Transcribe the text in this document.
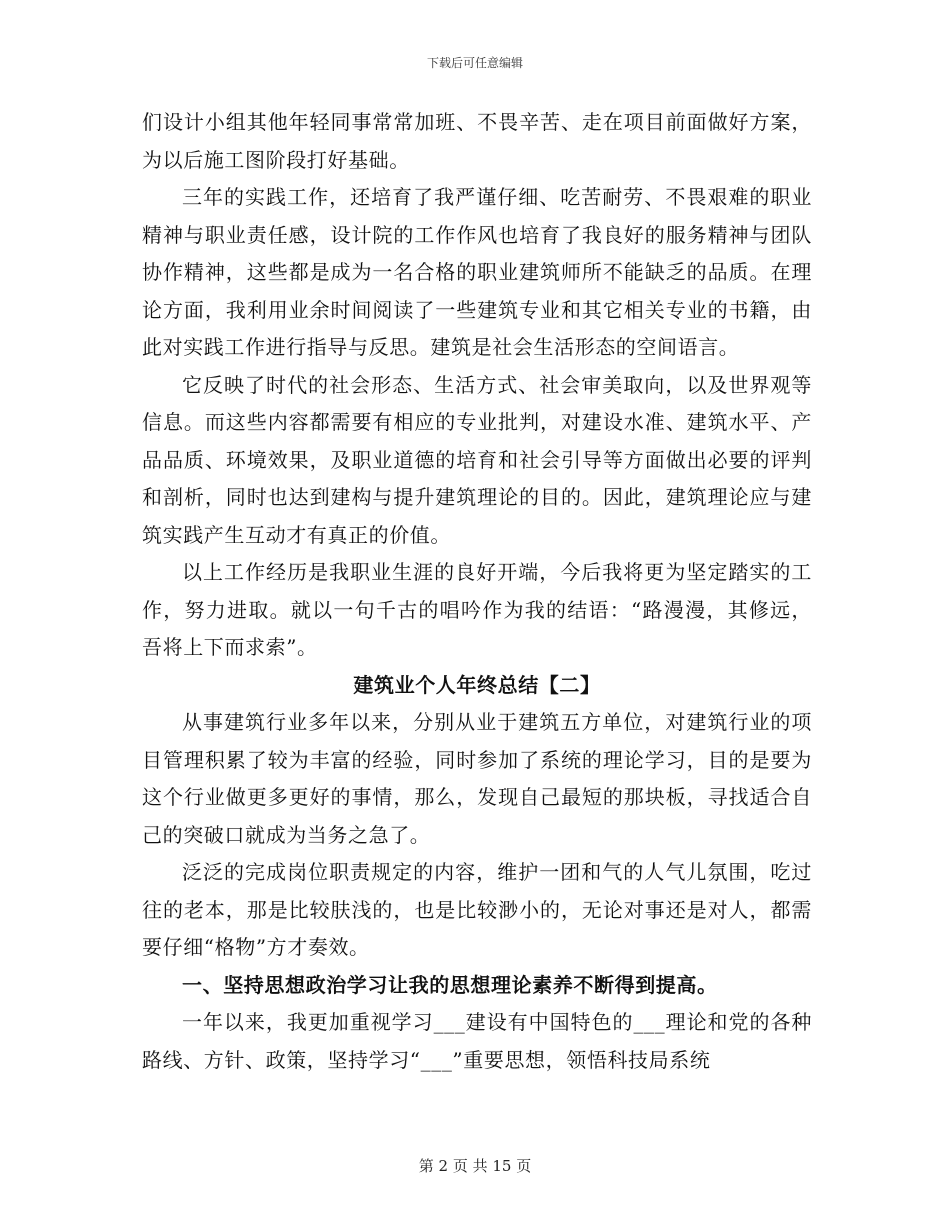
下载后可任意编辑

们设计小组其他年轻同事常常加班、不畏辛苦、走在项目前面做好方案，为以后施工图阶段打好基础。

三年的实践工作，还培育了我严谨仔细、吃苦耐劳、不畏艰难的职业精神与职业责任感，设计院的工作作风也培育了我良好的服务精神与团队协作精神，这些都是成为一名合格的职业建筑师所不能缺乏的品质。在理论方面，我利用业余时间阅读了一些建筑专业和其它相关专业的书籍，由此对实践工作进行指导与反思。建筑是社会生活形态的空间语言。

它反映了时代的社会形态、生活方式、社会审美取向，以及世界观等信息。而这些内容都需要有相应的专业批判，对建设水准、建筑水平、产品品质、环境效果，及职业道德的培育和社会引导等方面做出必要的评判和剖析，同时也达到建构与提升建筑理论的目的。因此，建筑理论应与建筑实践产生互动才有真正的价值。

以上工作经历是我职业生涯的良好开端，今后我将更为坚定踏实的工作，努力进取。就以一句千古的唱吟作为我的结语：“路漫漫，其修远，吾将上下而求索”。

建筑业个人年终总结【二】

从事建筑行业多年以来，分别从业于建筑五方单位，对建筑行业的项目管理积累了较为丰富的经验，同时参加了系统的理论学习，目的是要为这个行业做更多更好的事情，那么，发现自己最短的那块板，寻找适合自己的突破口就成为当务之急了。

泛泛的完成岗位职责规定的内容，维护一团和气的人气儿氛围，吃过往的老本，那是比较肤浅的，也是比较渺小的，无论对事还是对人，都需要仔细“格物”方才奏效。

一、坚持思想政治学习让我的思想理论素养不断得到提高。

一年以来，我更加重视学习___建设有中国特色的___理论和党的各种路线、方针、政策，坚持学习“___”重要思想，领悟科技局系统

第 2 页 共 15 页
